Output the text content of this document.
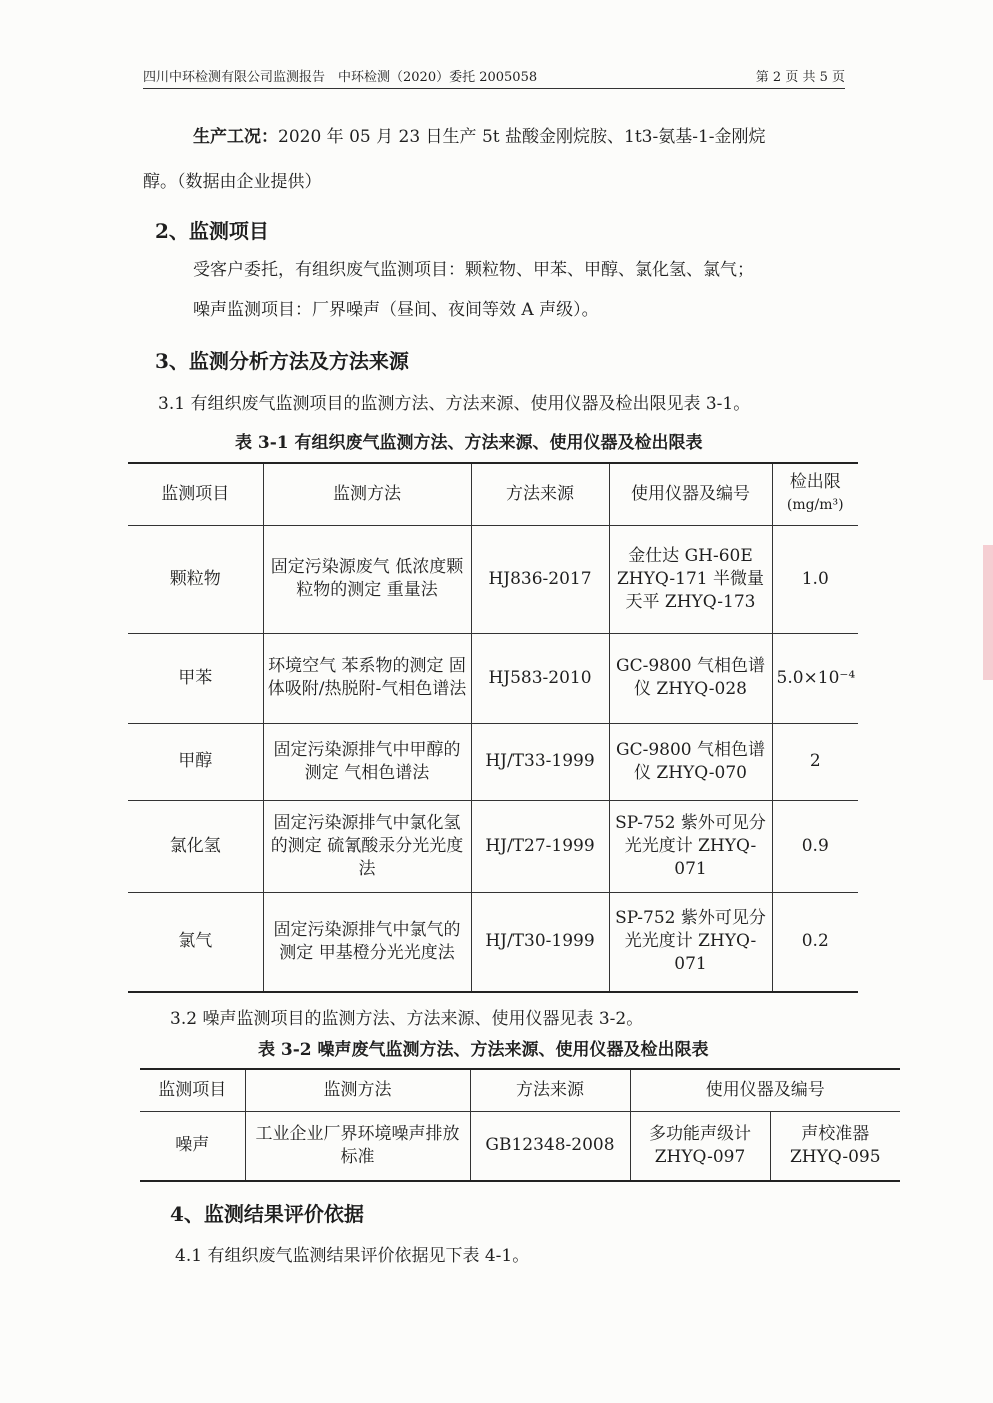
四川中环检测有限公司监测报告　中环检测（2020）委托 2005058	第 2 页 共 5 页
生产工况：2020 年 05 月 23 日生产 5t 盐酸金刚烷胺、1t3-氨基-1-金刚烷
醇。（数据由企业提供）
2、监测项目
受客户委托，有组织废气监测项目：颗粒物、甲苯、甲醇、氯化氢、氯气；
噪声监测项目：厂界噪声（昼间、夜间等效 A 声级）。
3、监测分析方法及方法来源
3.1 有组织废气监测项目的监测方法、方法来源、使用仪器及检出限见表 3-1。
表 3-1 有组织废气监测方法、方法来源、使用仪器及检出限表
监测项目	监测方法	方法来源	使用仪器及编号	检出限
(mg/m³)

颗粒物	固定污染源废气 低浓度颗粒物的测定 重量法	HJ836-2017	金仕达 GH-60E ZHYQ-171 半微量天平 ZHYQ-173	1.0
甲苯	环境空气 苯系物的测定 固体吸附/热脱附-气相色谱法	HJ583-2010	GC-9800 气相色谱仪 ZHYQ-028	5.0×10⁻⁴
甲醇	固定污染源排气中甲醇的测定 气相色谱法	HJ/T33-1999	GC-9800 气相色谱仪 ZHYQ-070	2
氯化氢	固定污染源排气中氯化氢的测定 硫氰酸汞分光光度法	HJ/T27-1999	SP-752 紫外可见分光光度计 ZHYQ-071	0.9
氯气	固定污染源排气中氯气的测定 甲基橙分光光度法	HJ/T30-1999	SP-752 紫外可见分光光度计 ZHYQ-071	0.2
3.2 噪声监测项目的监测方法、方法来源、使用仪器见表 3-2。
表 3-2 噪声废气监测方法、方法来源、使用仪器及检出限表
监测项目	监测方法	方法来源	使用仪器及编号	
噪声	工业企业厂界环境噪声排放标准	GB12348-2008	多功能声级计 ZHYQ-097	声校准器 ZHYQ-095
4、监测结果评价依据
4.1 有组织废气监测结果评价依据见下表 4-1。
